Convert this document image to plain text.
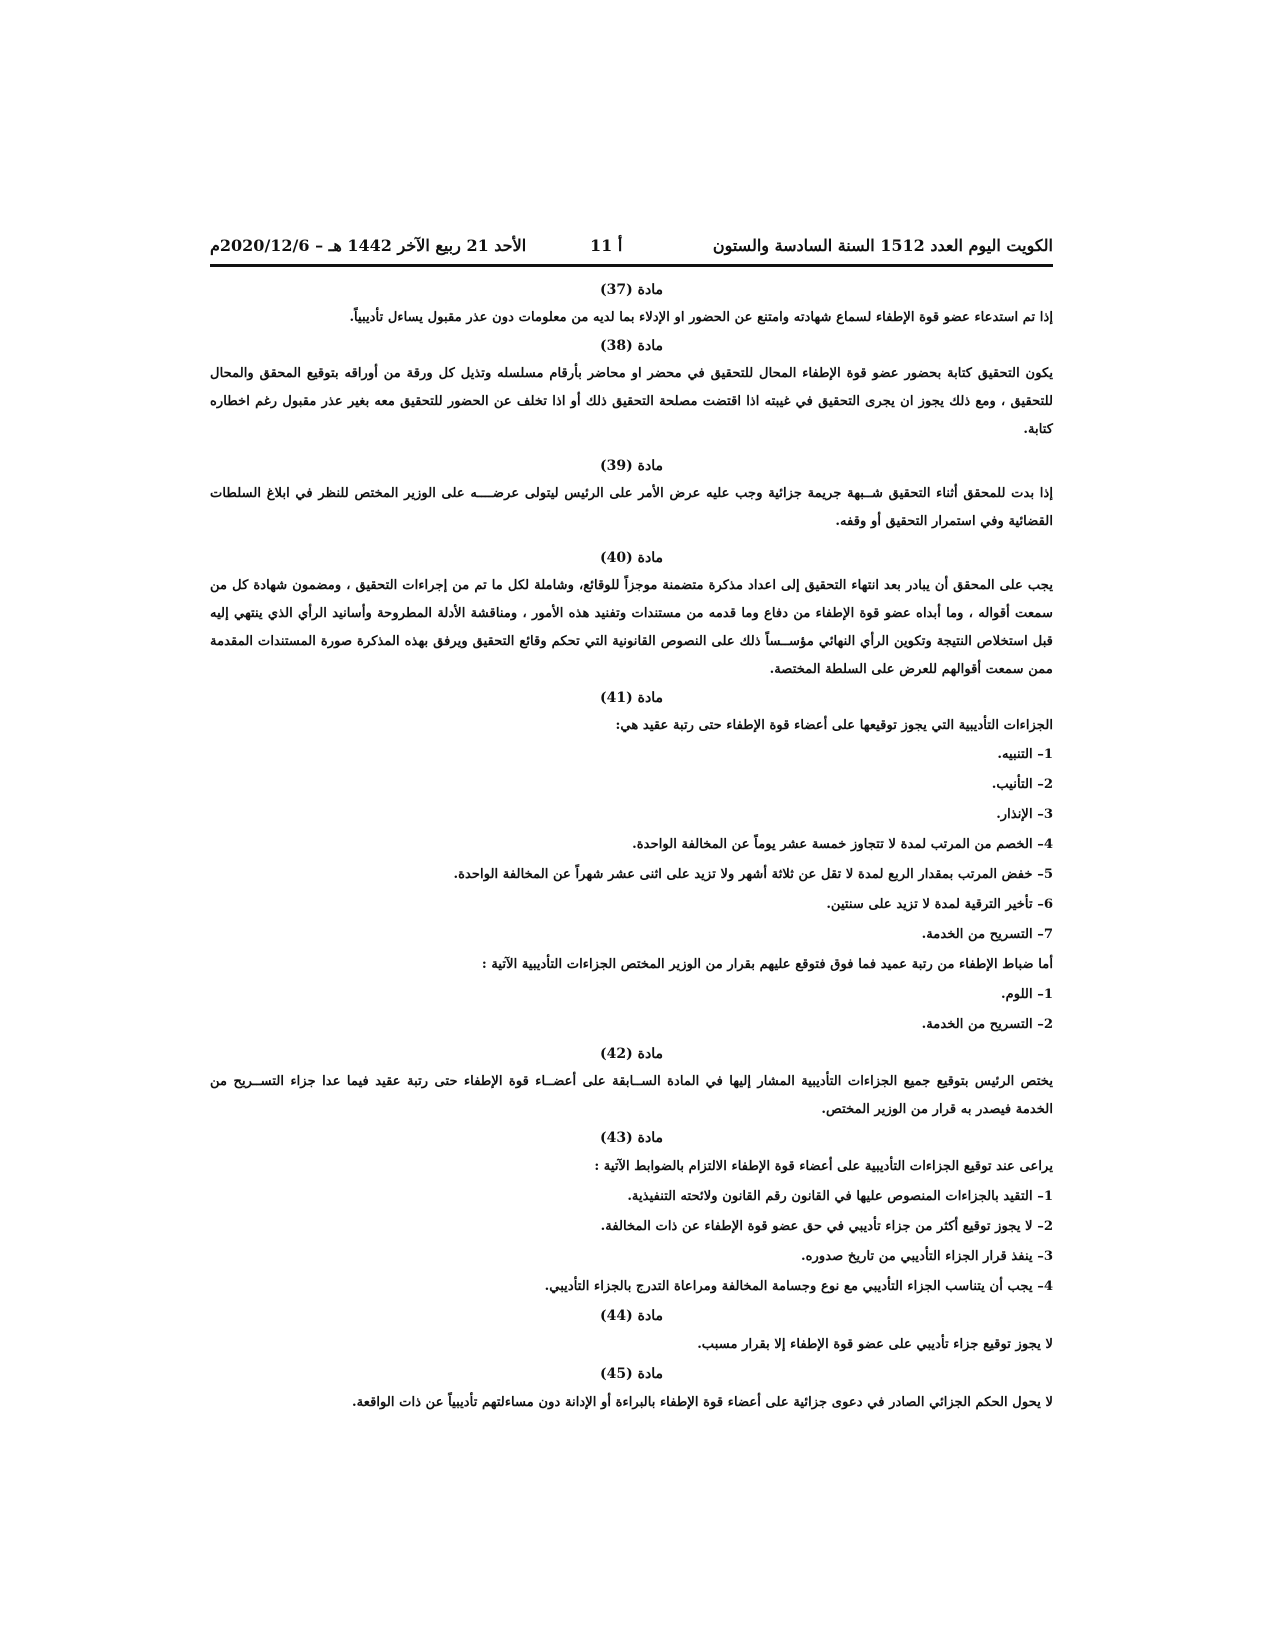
الكويت اليوم العدد 1512 السنة السادسة والستون
أ 11
الأحد 21 ربيع الآخر 1442 هـ – 2020/12/6م
مادة (37)

إذا تم استدعاء عضو قوة الإطفاء لسماع شهادته وامتنع عن الحضور او الإدلاء بما لديه من معلومات دون عذر مقبول يساءل تأديبياً.

مادة (38)

يكون التحقيق كتابة بحضور عضو قوة الإطفاء المحال للتحقيق في محضر او محاضر بأرقام مسلسله وتذيل كل ورقة من أوراقه بتوقيع المحقق والمحال للتحقيق ، ومع ذلك يجوز ان يجرى التحقيق في غيبته اذا اقتضت مصلحة التحقيق ذلك أو اذا تخلف عن الحضور للتحقيق معه بغير عذر مقبول رغم اخطاره كتابة.

مادة (39)

إذا بدت للمحقق أثناء التحقيق شــبهة جريمة جزائية وجب عليه عرض الأمر على الرئيس ليتولى عرضــــه على الوزير المختص للنظر في ابلاغ السلطات القضائية وفي استمرار التحقيق أو وقفه.

مادة (40)

يجب على المحقق أن يبادر بعد انتهاء التحقيق إلى اعداد مذكرة متضمنة موجزاً للوقائع، وشاملة لكل ما تم من إجراءات التحقيق ، ومضمون شهادة كل من سمعت أقواله ، وما أبداه عضو قوة الإطفاء من دفاع وما قدمه من مستندات وتفنيد هذه الأمور ، ومناقشة الأدلة المطروحة وأسانيد الرأي الذي ينتهي إليه قبل استخلاص النتيجة وتكوين الرأي النهائي مؤســساً ذلك على النصوص القانونية التي تحكم وقائع التحقيق ويرفق بهذه المذكرة صورة المستندات المقدمة ممن سمعت أقوالهم للعرض على السلطة المختصة.

مادة (41)

الجزاءات التأديبية التي يجوز توقيعها على أعضاء قوة الإطفاء حتى رتبة عقيد هي:

1– التنبيه.
2– التأنيب.
3– الإنذار.
4– الخصم من المرتب لمدة لا تتجاوز خمسة عشر يوماً عن المخالفة الواحدة.
5– خفض المرتب بمقدار الربع لمدة لا تقل عن ثلاثة أشهر ولا تزيد على اثنى عشر شهراً عن المخالفة الواحدة.
6– تأخير الترقية لمدة لا تزيد على سنتين.
7– التسريح من الخدمة.

أما ضباط الإطفاء من رتبة عميد فما فوق فتوقع عليهم بقرار من الوزير المختص الجزاءات التأديبية الآتية :

1– اللوم.
2– التسريح من الخدمة.
مادة (42)

يختص الرئيس بتوقيع جميع الجزاءات التأديبية المشار إليها في المادة الســابقة على أعضــاء قوة الإطفاء حتى رتبة عقيد فيما عدا جزاء التســريح من الخدمة فيصدر به قرار من الوزير المختص.

مادة (43)

يراعى عند توقيع الجزاءات التأديبية على أعضاء قوة الإطفاء الالتزام بالضوابط الآتية :

1– التقيد بالجزاءات المنصوص عليها في القانون رقم القانون ولائحته التنفيذية.
2– لا يجوز توقيع أكثر من جزاء تأديبي في حق عضو قوة الإطفاء عن ذات المخالفة.
3– ينفذ قرار الجزاء التأديبي من تاريخ صدوره.
4– يجب أن يتناسب الجزاء التأديبي مع نوع وجسامة المخالفة ومراعاة التدرج بالجزاء التأديبي.
مادة (44)

لا يجوز توقيع جزاء تأديبي على عضو قوة الإطفاء إلا بقرار مسبب.

مادة (45)

لا يحول الحكم الجزائي الصادر في دعوى جزائية على أعضاء قوة الإطفاء بالبراءة أو الإدانة دون مساءلتهم تأديبياً عن ذات الواقعة.
